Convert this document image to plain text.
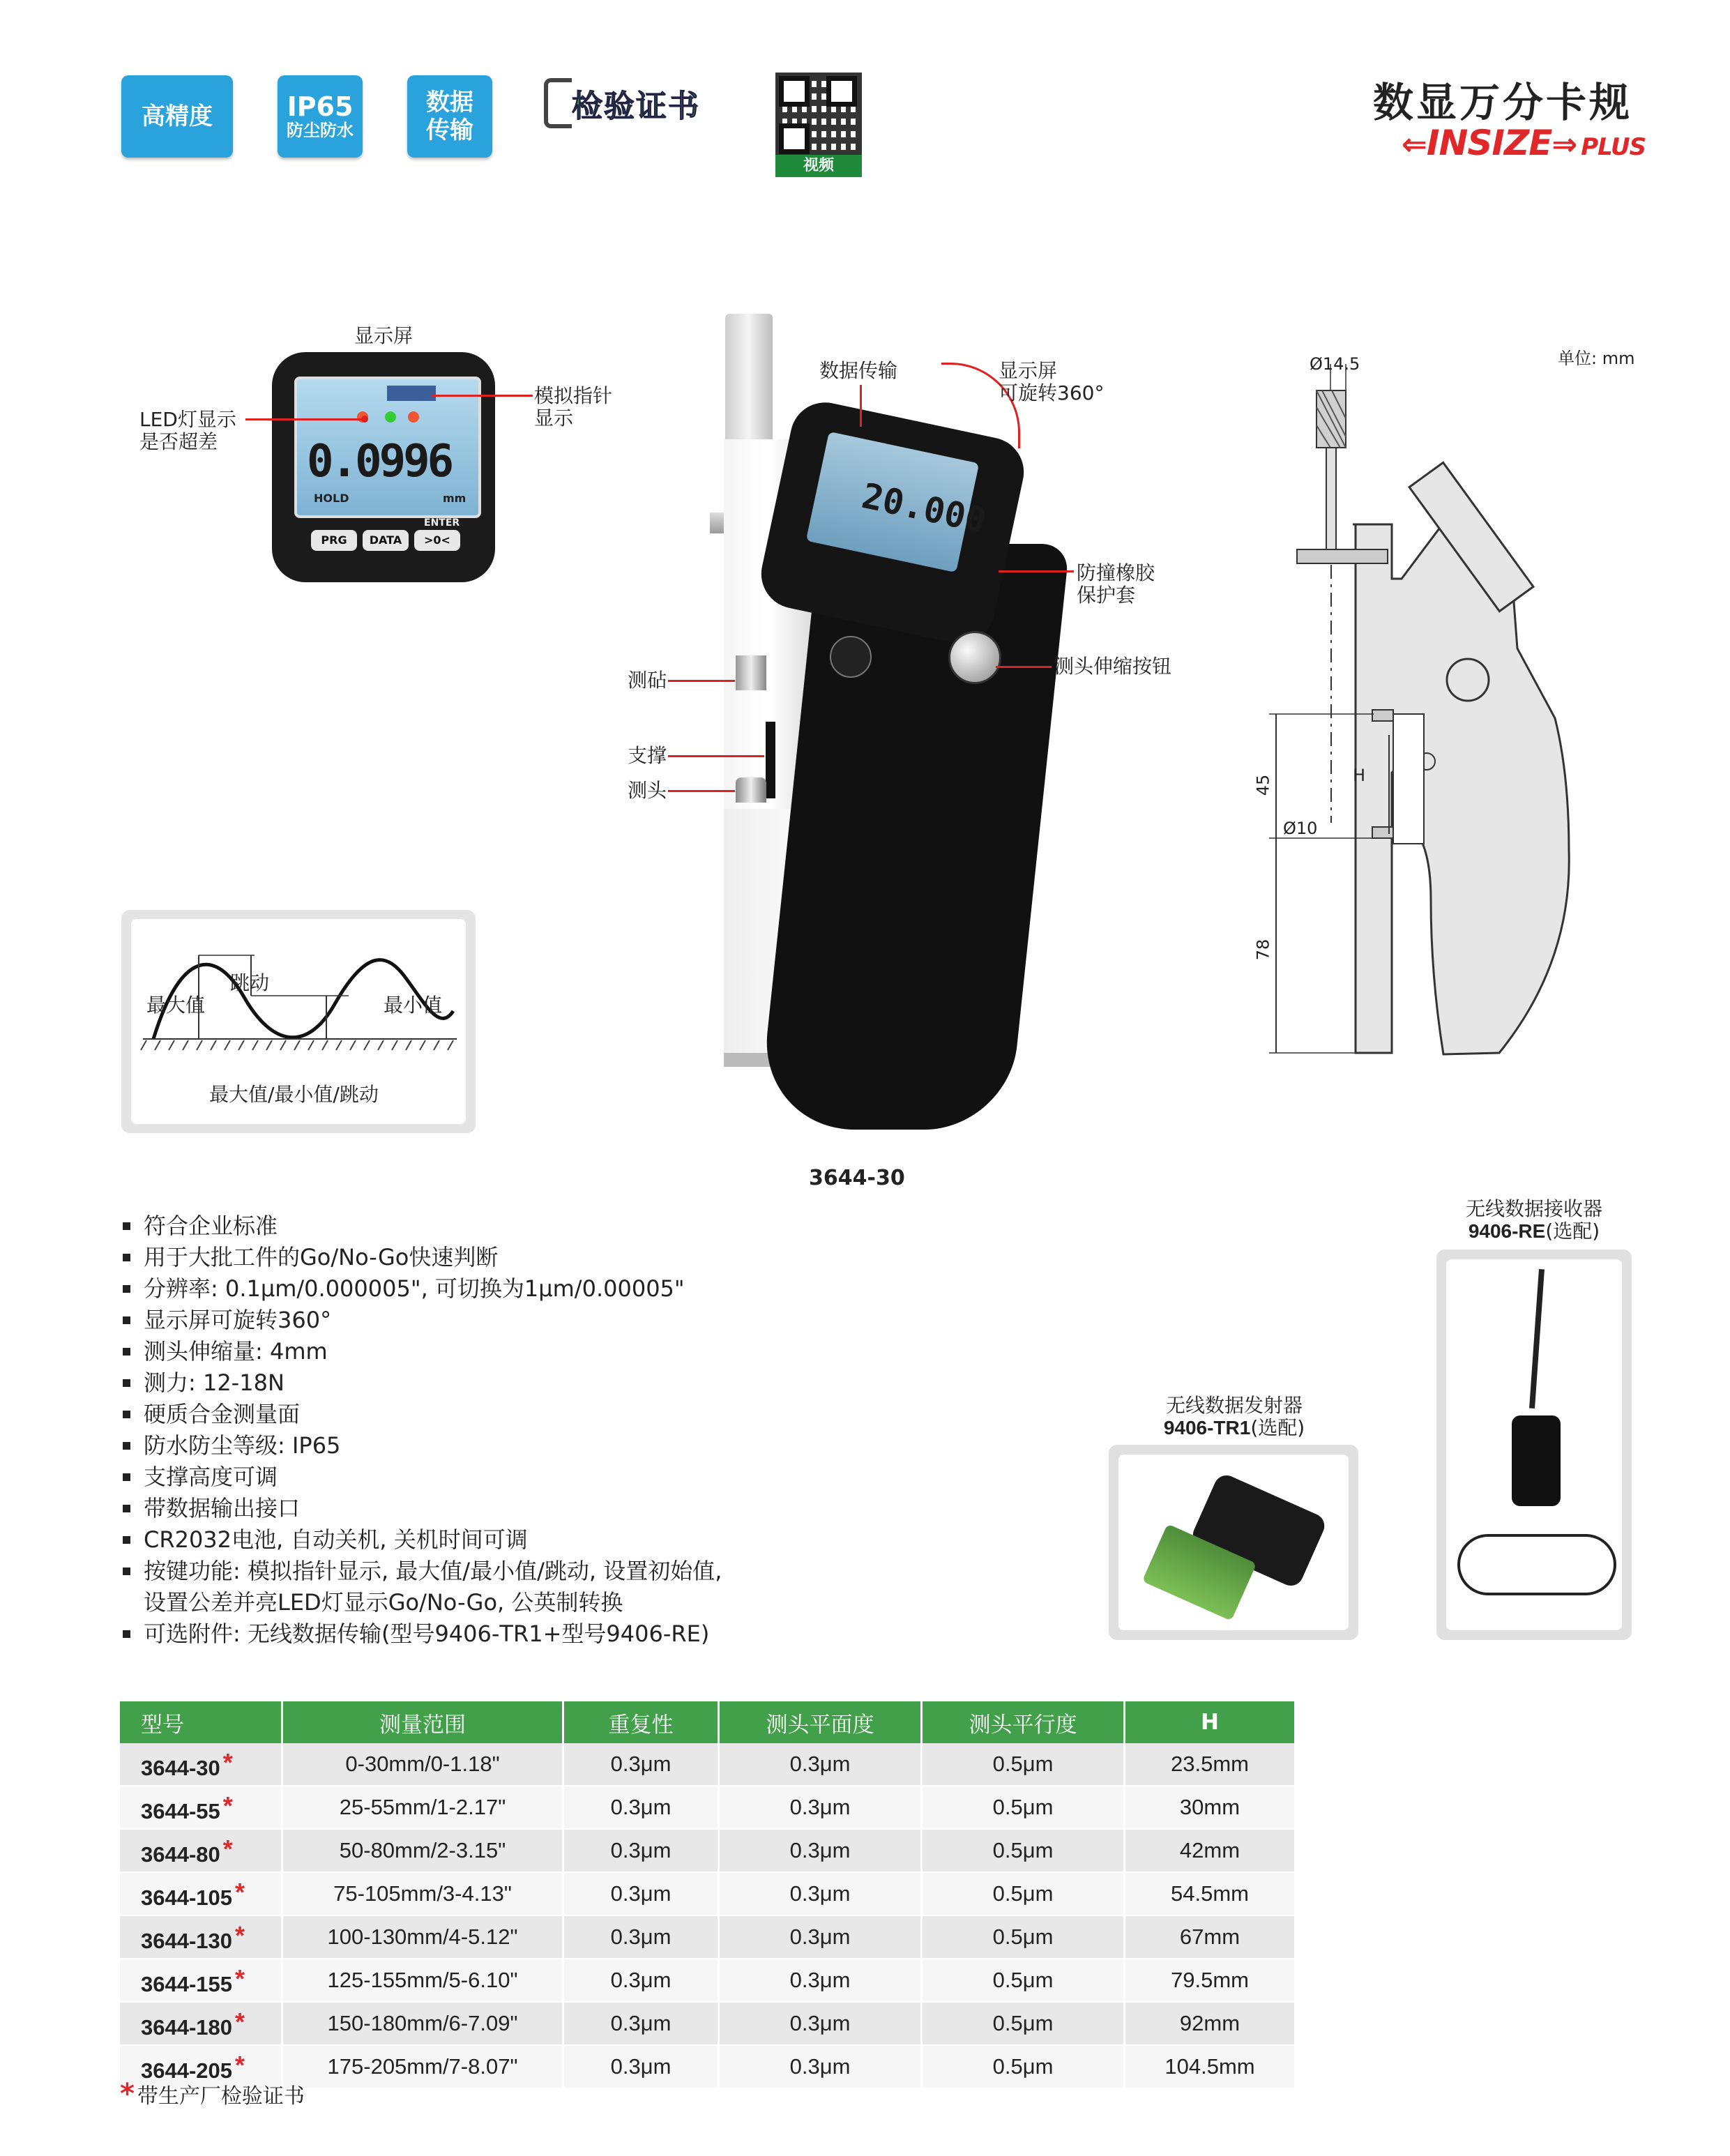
高精度	IP65
防尘防水
数据
传输
检验证书
视频
数显万分卡规
⇐INSIZE⇒ PLUS
显示屏
0.0996
HOLD	mm
ENTER
PRG	DATA	>0<
LED灯显示
是否超差
模拟指针
显示
20.000
数据传输	显示屏
可旋转360°
防撞橡胶
保护套
测头伸缩按钮
测砧
支撑
测头
3644-30
单位: mm
Ø14.5
Ø10
45
78
H
最大值
跳动
最小值
最大值/最小值/跳动
符合企业标准
用于大批工件的Go/No-Go快速判断
分辨率: 0.1μm/0.000005", 可切换为1μm/0.00005"
显示屏可旋转360°
测头伸缩量: 4mm
测力: 12-18N
硬质合金测量面
防水防尘等级: IP65
支撑高度可调
带数据输出接口
CR2032电池, 自动关机, 关机时间可调
按键功能: 模拟指针显示, 最大值/最小值/跳动, 设置初始值,
设置公差并亮LED灯显示Go/No-Go, 公英制转换
可选附件: 无线数据传输(型号9406-TR1+型号9406-RE)
无线数据接收器
9406-RE(选配)
无线数据发射器
9406-TR1(选配)
型号	测量范围	重复性	测头平面度	测头平行度	H
3644-30 *	0-30mm/0-1.18"	0.3μm	0.3μm	0.5μm	23.5mm
3644-55 *	25-55mm/1-2.17"	0.3μm	0.3μm	0.5μm	30mm
3644-80 *	50-80mm/2-3.15"	0.3μm	0.3μm	0.5μm	42mm
3644-105 *	75-105mm/3-4.13"	0.3μm	0.3μm	0.5μm	54.5mm
3644-130 *	100-130mm/4-5.12"	0.3μm	0.3μm	0.5μm	67mm
3644-155 *	125-155mm/5-6.10"	0.3μm	0.3μm	0.5μm	79.5mm
3644-180 *	150-180mm/6-7.09"	0.3μm	0.3μm	0.5μm	92mm
3644-205 *	175-205mm/7-8.07"	0.3μm	0.3μm	0.5μm	104.5mm
* 带生产厂检验证书
